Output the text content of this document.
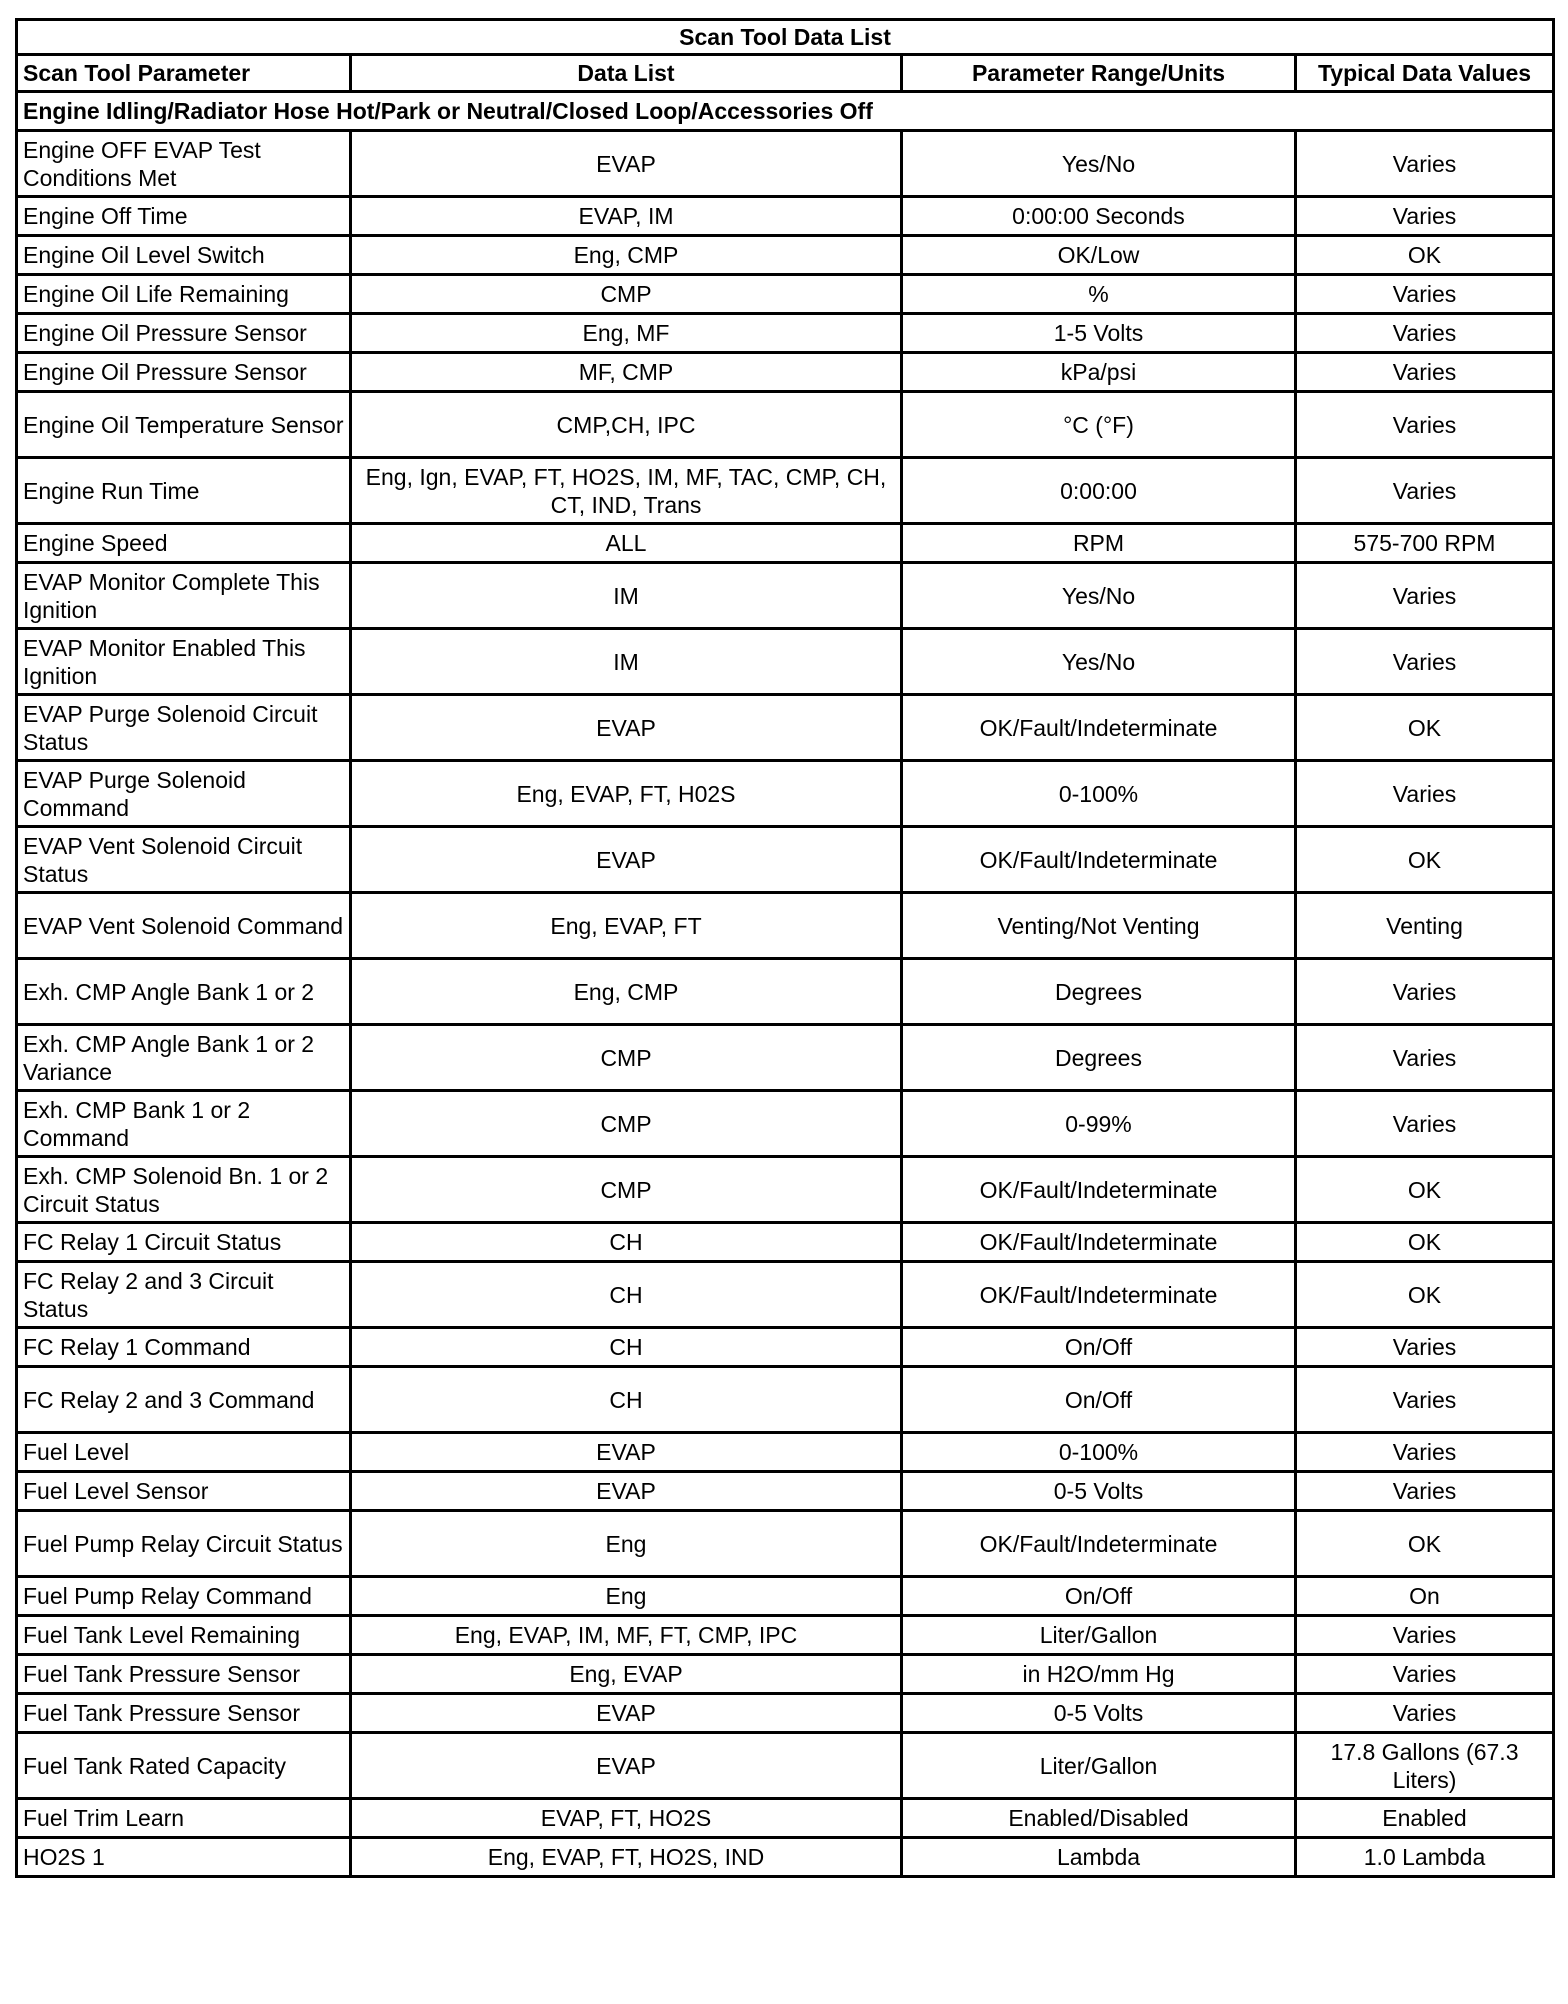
Scan Tool Data List			
Scan Tool Parameter	Data List	Parameter Range/Units	Typical Data Values
Engine Idling/Radiator Hose Hot/Park or Neutral/Closed Loop/Accessories Off			
Engine OFF EVAP Test Conditions Met	EVAP	Yes/No	Varies
Engine Off Time	EVAP, IM	0:00:00 Seconds	Varies
Engine Oil Level Switch	Eng, CMP	OK/Low	OK
Engine Oil Life Remaining	CMP	%	Varies
Engine Oil Pressure Sensor	Eng, MF	1-5 Volts	Varies
Engine Oil Pressure Sensor	MF, CMP	kPa/psi	Varies
Engine Oil Temperature Sensor	CMP,CH, IPC	°C (°F)	Varies
Engine Run Time	Eng, Ign, EVAP, FT, HO2S, IM, MF, TAC, CMP, CH, CT, IND, Trans	0:00:00	Varies
Engine Speed	ALL	RPM	575-700 RPM
EVAP Monitor Complete This Ignition	IM	Yes/No	Varies
EVAP Monitor Enabled This Ignition	IM	Yes/No	Varies
EVAP Purge Solenoid Circuit Status	EVAP	OK/Fault/Indeterminate	OK
EVAP Purge Solenoid Command	Eng, EVAP, FT, H02S	0-100%	Varies
EVAP Vent Solenoid Circuit Status	EVAP	OK/Fault/Indeterminate	OK
EVAP Vent Solenoid Command	Eng, EVAP, FT	Venting/Not Venting	Venting
Exh. CMP Angle Bank 1 or 2	Eng, CMP	Degrees	Varies
Exh. CMP Angle Bank 1 or 2 Variance	CMP	Degrees	Varies
Exh. CMP Bank 1 or 2 Command	CMP	0-99%	Varies
Exh. CMP Solenoid Bn. 1 or 2 Circuit Status	CMP	OK/Fault/Indeterminate	OK
FC Relay 1 Circuit Status	CH	OK/Fault/Indeterminate	OK
FC Relay 2 and 3 Circuit Status	CH	OK/Fault/Indeterminate	OK
FC Relay 1 Command	CH	On/Off	Varies
FC Relay 2 and 3 Command	CH	On/Off	Varies
Fuel Level	EVAP	0-100%	Varies
Fuel Level Sensor	EVAP	0-5 Volts	Varies
Fuel Pump Relay Circuit Status	Eng	OK/Fault/Indeterminate	OK
Fuel Pump Relay Command	Eng	On/Off	On
Fuel Tank Level Remaining	Eng, EVAP, IM, MF, FT, CMP, IPC	Liter/Gallon	Varies
Fuel Tank Pressure Sensor	Eng, EVAP	in H2O/mm Hg	Varies
Fuel Tank Pressure Sensor	EVAP	0-5 Volts	Varies
Fuel Tank Rated Capacity	EVAP	Liter/Gallon	17.8 Gallons (67.3 Liters)
Fuel Trim Learn	EVAP, FT, HO2S	Enabled/Disabled	Enabled
HO2S 1	Eng, EVAP, FT, HO2S, IND	Lambda	1.0 Lambda
